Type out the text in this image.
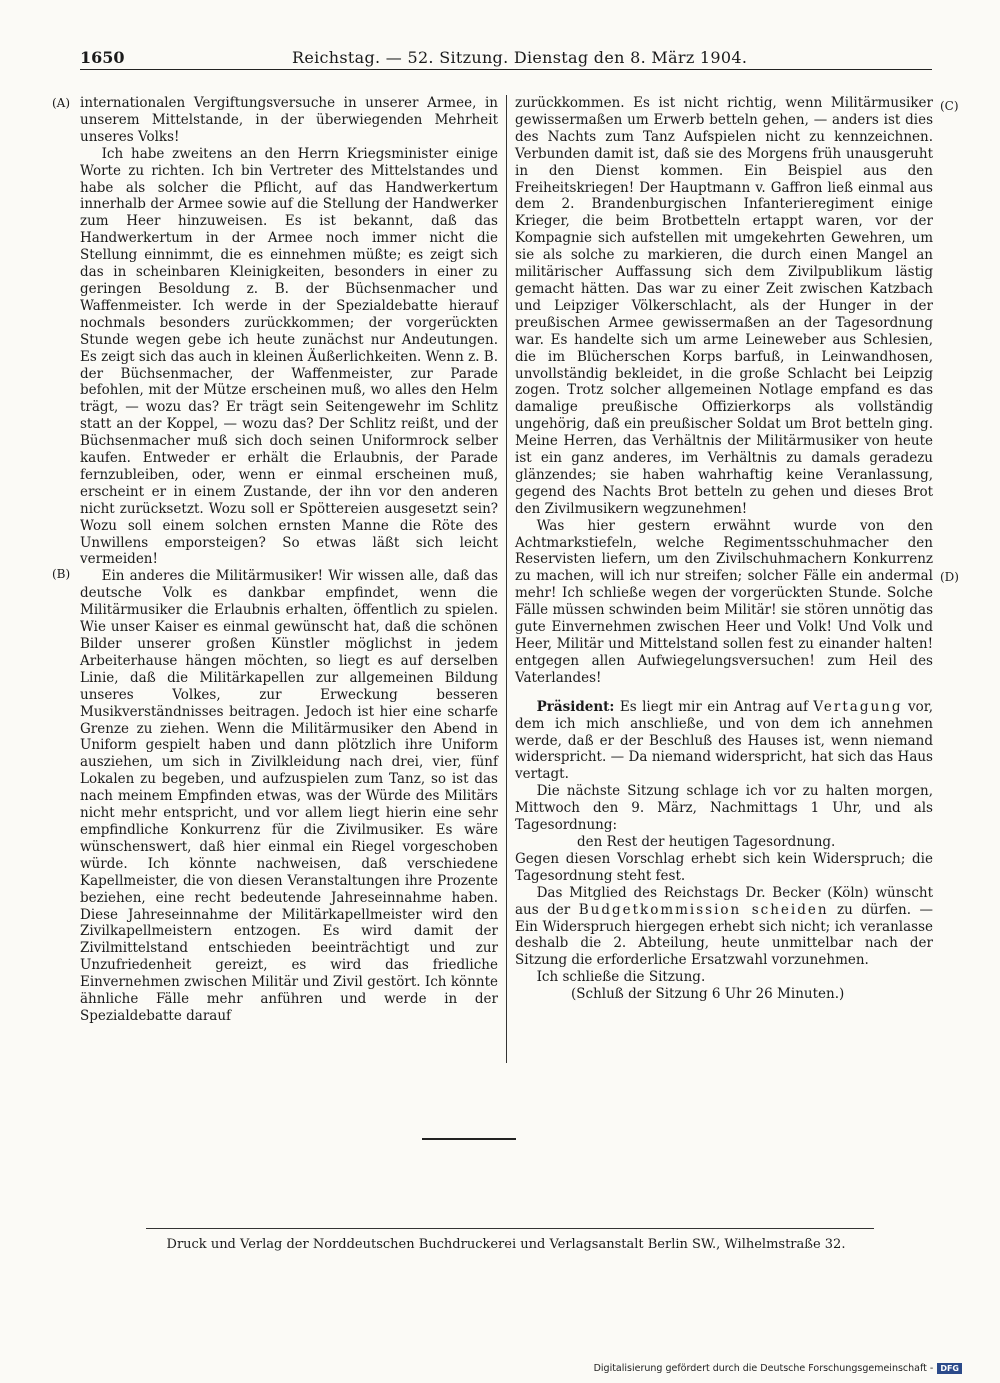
1650	Reichstag. — 52. Sitzung. Dienstag den 8. März 1904.
(A)
(B)
(C)
(D)

internationalen Vergiftungsversuche in unserer Armee, in unserem Mittelstande, in der überwiegenden Mehrheit unseres Volks!

Ich habe zweitens an den Herrn Kriegsminister einige Worte zu richten. Ich bin Vertreter des Mittelstandes und habe als solcher die Pflicht, auf das Handwerkertum innerhalb der Armee sowie auf die Stellung der Handwerker zum Heer hinzuweisen. Es ist bekannt, daß das Handwerkertum in der Armee noch immer nicht die Stellung einnimmt, die es einnehmen müßte; es zeigt sich das in scheinbaren Kleinigkeiten, besonders in einer zu geringen Besoldung z. B. der Büchsenmacher und Waffenmeister. Ich werde in der Spezialdebatte hierauf nochmals besonders zurückkommen; der vorgerückten Stunde wegen gebe ich heute zunächst nur Andeutungen. Es zeigt sich das auch in kleinen Äußerlichkeiten. Wenn z. B. der Büchsenmacher, der Waffenmeister, zur Parade befohlen, mit der Mütze erscheinen muß, wo alles den Helm trägt, — wozu das? Er trägt sein Seitengewehr im Schlitz statt an der Koppel, — wozu das? Der Schlitz reißt, und der Büchsenmacher muß sich doch seinen Uniformrock selber kaufen. Entweder er erhält die Erlaubnis, der Parade fernzubleiben, oder, wenn er einmal erscheinen muß, erscheint er in einem Zustande, der ihn vor den anderen nicht zurücksetzt. Wozu soll er Spöttereien ausgesetzt sein? Wozu soll einem solchen ernsten Manne die Röte des Unwillens emporsteigen? So etwas läßt sich leicht vermeiden!

Ein anderes die Militärmusiker! Wir wissen alle, daß das deutsche Volk es dankbar empfindet, wenn die Militärmusiker die Erlaubnis erhalten, öffentlich zu spielen. Wie unser Kaiser es einmal gewünscht hat, daß die schönen Bilder unserer großen Künstler möglichst in jedem Arbeiterhause hängen möchten, so liegt es auf derselben Linie, daß die Militärkapellen zur allgemeinen Bildung unseres Volkes, zur Erweckung besseren Musikverständnisses beitragen. Jedoch ist hier eine scharfe Grenze zu ziehen. Wenn die Militärmusiker den Abend in Uniform gespielt haben und dann plötzlich ihre Uniform ausziehen, um sich in Zivilkleidung nach drei, vier, fünf Lokalen zu begeben, und aufzuspielen zum Tanz, so ist das nach meinem Empfinden etwas, was der Würde des Militärs nicht mehr entspricht, und vor allem liegt hierin eine sehr empfindliche Konkurrenz für die Zivilmusiker. Es wäre wünschenswert, daß hier einmal ein Riegel vorgeschoben würde. Ich könnte nachweisen, daß verschiedene Kapellmeister, die von diesen Veranstaltungen ihre Prozente beziehen, eine recht bedeutende Jahreseinnahme haben. Diese Jahreseinnahme der Militärkapellmeister wird den Zivilkapellmeistern entzogen. Es wird damit der Zivilmittelstand entschieden beeinträchtigt und zur Unzufriedenheit gereizt, es wird das friedliche Einvernehmen zwischen Militär und Zivil gestört. Ich könnte ähnliche Fälle mehr anführen und werde in der Spezialdebatte darauf

zurückkommen. Es ist nicht richtig, wenn Militärmusiker gewissermaßen um Erwerb betteln gehen, — anders ist dies des Nachts zum Tanz Aufspielen nicht zu kennzeichnen. Verbunden damit ist, daß sie des Morgens früh unausgeruht in den Dienst kommen. Ein Beispiel aus den Freiheitskriegen! Der Hauptmann v. Gaffron ließ einmal aus dem 2. Brandenburgischen Infanterieregiment einige Krieger, die beim Brotbetteln ertappt waren, vor der Kompagnie sich aufstellen mit umgekehrten Gewehren, um sie als solche zu markieren, die durch einen Mangel an militärischer Auffassung sich dem Zivilpublikum lästig gemacht hätten. Das war zu einer Zeit zwischen Katzbach und Leipziger Völkerschlacht, als der Hunger in der preußischen Armee gewissermaßen an der Tagesordnung war. Es handelte sich um arme Leineweber aus Schlesien, die im Blücherschen Korps barfuß, in Leinwandhosen, unvollständig bekleidet, in die große Schlacht bei Leipzig zogen. Trotz solcher allgemeinen Notlage empfand es das damalige preußische Offizierkorps als vollständig ungehörig, daß ein preußischer Soldat um Brot betteln ging. Meine Herren, das Verhältnis der Militärmusiker von heute ist ein ganz anderes, im Verhältnis zu damals geradezu glänzendes; sie haben wahrhaftig keine Veranlassung, gegend des Nachts Brot betteln zu gehen und dieses Brot den Zivilmusikern wegzunehmen!

Was hier gestern erwähnt wurde von den Achtmarkstiefeln, welche Regimentsschuhmacher den Reservisten liefern, um den Zivilschuhmachern Konkurrenz zu machen, will ich nur streifen; solcher Fälle ein andermal mehr! Ich schließe wegen der vorgerückten Stunde. Solche Fälle müssen schwinden beim Militär! sie stören unnötig das gute Einvernehmen zwischen Heer und Volk! Und Volk und Heer, Militär und Mittelstand sollen fest zu einander halten! entgegen allen Aufwiegelungsversuchen! zum Heil des Vaterlandes!

Präsident: Es liegt mir ein Antrag auf Vertagung vor, dem ich mich anschließe, und von dem ich annehmen werde, daß er der Beschluß des Hauses ist, wenn niemand widerspricht. — Da niemand widerspricht, hat sich das Haus vertagt.

Die nächste Sitzung schlage ich vor zu halten morgen, Mittwoch den 9. März, Nachmittags 1 Uhr, und als Tagesordnung:

den Rest der heutigen Tagesordnung.

Gegen diesen Vorschlag erhebt sich kein Widerspruch; die Tagesordnung steht fest.

Das Mitglied des Reichstags Dr. Becker (Köln) wünscht aus der Budgetkommission scheiden zu dürfen. — Ein Widerspruch hiergegen erhebt sich nicht; ich veranlasse deshalb die 2. Abteilung, heute unmittelbar nach der Sitzung die erforderliche Ersatzwahl vorzunehmen.

Ich schließe die Sitzung.

(Schluß der Sitzung 6 Uhr 26 Minuten.)

Druck und Verlag der Norddeutschen Buchdruckerei und Verlagsanstalt Berlin SW., Wilhelmstraße 32.
Digitalisierung gefördert durch die Deutsche Forschungsgemeinschaft - DFG
